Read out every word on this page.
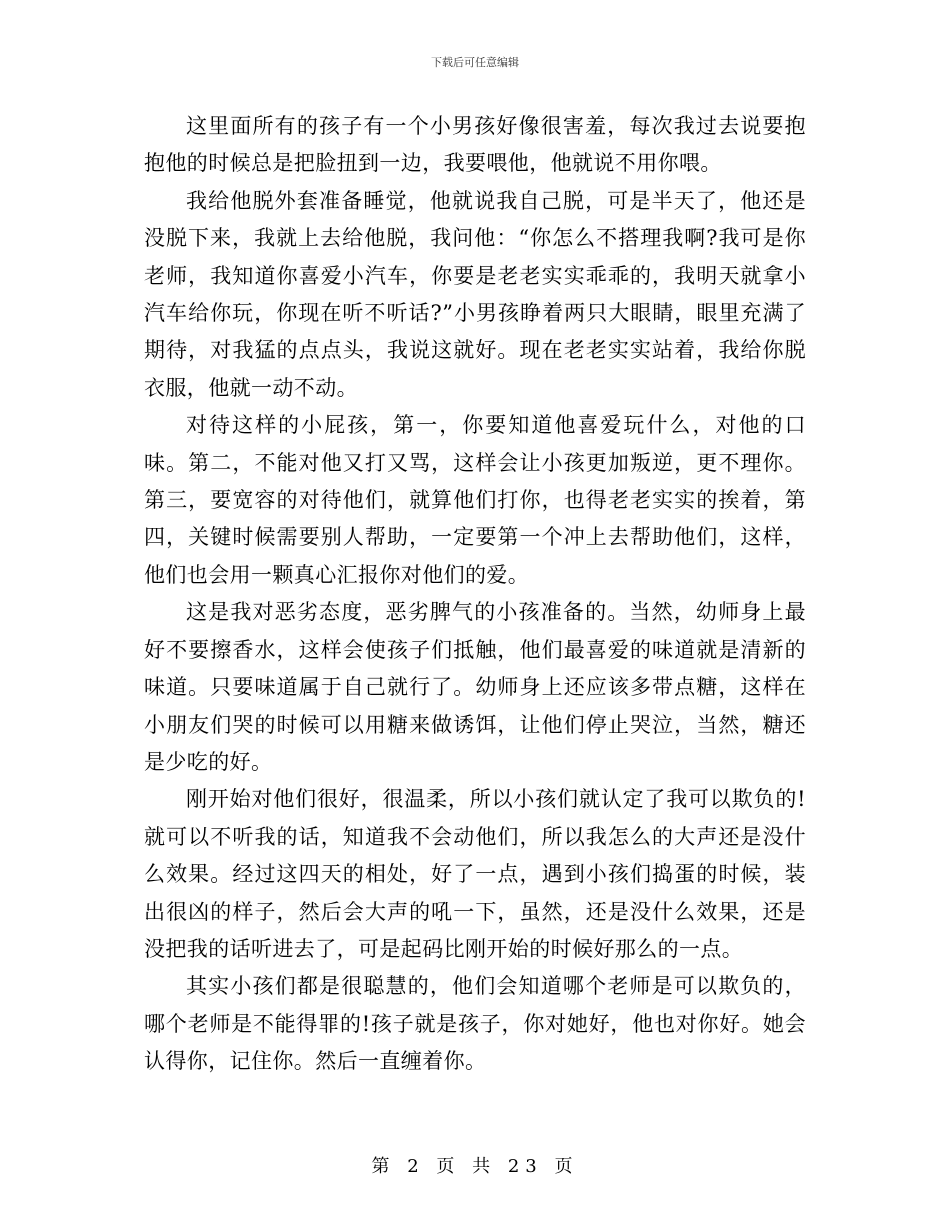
下载后可任意编辑

这里面所有的孩子有一个小男孩好像很害羞，每次我过去说要抱抱他的时候总是把脸扭到一边，我要喂他，他就说不用你喂。

我给他脱外套准备睡觉，他就说我自己脱，可是半天了，他还是没脱下来，我就上去给他脱，我问他：“你怎么不搭理我啊?我可是你老师，我知道你喜爱小汽车，你要是老老实实乖乖的，我明天就拿小汽车给你玩，你现在听不听话?”小男孩睁着两只大眼睛，眼里充满了期待，对我猛的点点头，我说这就好。现在老老实实站着，我给你脱衣服，他就一动不动。

对待这样的小屁孩，第一，你要知道他喜爱玩什么，对他的口味。第二，不能对他又打又骂，这样会让小孩更加叛逆，更不理你。第三，要宽容的对待他们，就算他们打你，也得老老实实的挨着，第四，关键时候需要别人帮助，一定要第一个冲上去帮助他们，这样，他们也会用一颗真心汇报你对他们的爱。

这是我对恶劣态度，恶劣脾气的小孩准备的。当然，幼师身上最好不要擦香水，这样会使孩子们抵触，他们最喜爱的味道就是清新的味道。只要味道属于自己就行了。幼师身上还应该多带点糖，这样在小朋友们哭的时候可以用糖来做诱饵，让他们停止哭泣，当然，糖还是少吃的好。

刚开始对他们很好，很温柔，所以小孩们就认定了我可以欺负的!就可以不听我的话，知道我不会动他们，所以我怎么的大声还是没什么效果。经过这四天的相处，好了一点，遇到小孩们捣蛋的时候，装出很凶的样子，然后会大声的吼一下，虽然，还是没什么效果，还是没把我的话听进去了，可是起码比刚开始的时候好那么的一点。

其实小孩们都是很聪慧的，他们会知道哪个老师是可以欺负的，哪个老师是不能得罪的!孩子就是孩子，你对她好，他也对你好。她会认得你，记住你。然后一直缠着你。

第 2 页 共 23 页
